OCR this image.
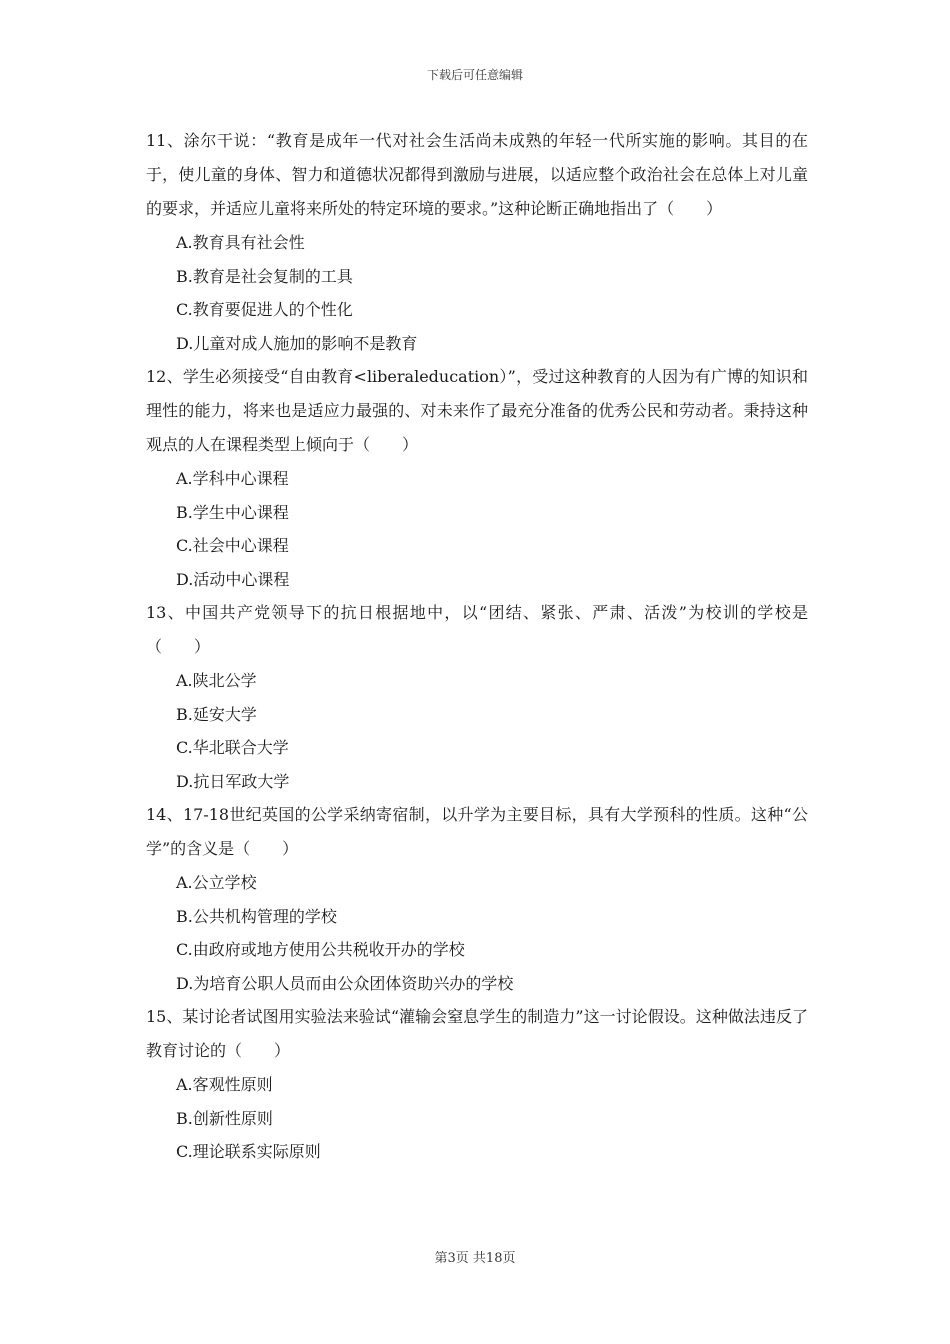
下载后可任意编辑

11、涂尔干说：“教育是成年一代对社会生活尚未成熟的年轻一代所实施的影响。其目的在于，使儿童的身体、智力和道德状况都得到激励与进展，以适应整个政治社会在总体上对儿童的要求，并适应儿童将来所处的特定环境的要求。”这种论断正确地指出了（　　）

A.教育具有社会性

B.教育是社会复制的工具

C.教育要促进人的个性化

D.儿童对成人施加的影响不是教育

12、学生必须接受“自由教育<liberaleducation）”，受过这种教育的人因为有广博的知识和理性的能力，将来也是适应力最强的、对未来作了最充分准备的优秀公民和劳动者。秉持这种观点的人在课程类型上倾向于（　　）

A.学科中心课程

B.学生中心课程

C.社会中心课程

D.活动中心课程

13、中国共产党领导下的抗日根据地中，以“团结、紧张、严肃、活泼”为校训的学校是（　　）

A.陕北公学

B.延安大学

C.华北联合大学

D.抗日军政大学

14、17-18世纪英国的公学采纳寄宿制，以升学为主要目标，具有大学预科的性质。这种“公学”的含义是（　　）

A.公立学校

B.公共机构管理的学校

C.由政府或地方使用公共税收开办的学校

D.为培育公职人员而由公众团体资助兴办的学校

15、某讨论者试图用实验法来验试“灌输会窒息学生的制造力”这一讨论假设。这种做法违反了教育讨论的（　　）

A.客观性原则

B.创新性原则

C.理论联系实际原则

第3页 共18页
